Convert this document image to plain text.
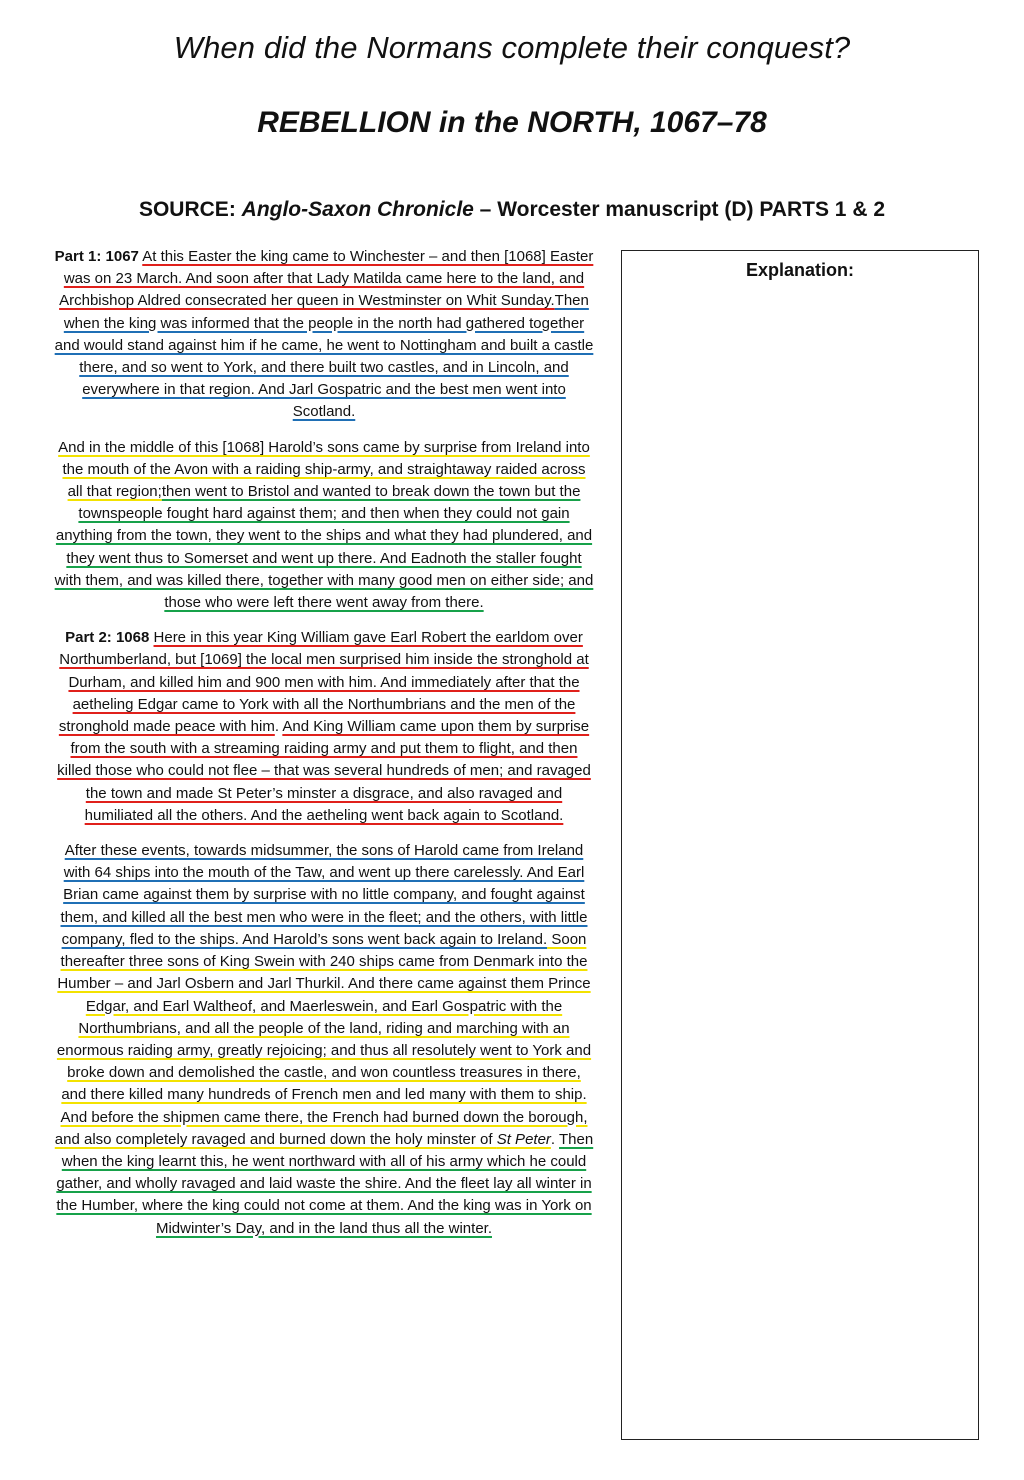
When did the Normans complete their conquest?
REBELLION in the NORTH, 1067–78
SOURCE: Anglo-Saxon Chronicle – Worcester manuscript (D) PARTS 1 & 2

Part 1: 1067 At this Easter the king came to Winchester – and then [1068] Easter was on 23 March. And soon after that Lady Matilda came here to the land, and Archbishop Aldred consecrated her queen in Westminster on Whit Sunday.Then when the king was informed that the people in the north had gathered together and would stand against him if he came, he went to Nottingham and built a castle there, and so went to York, and there built two castles, and in Lincoln, and everywhere in that region. And Jarl Gospatric and the best men went into Scotland.

And in the middle of this [1068] Harold’s sons came by surprise from Ireland into the mouth of the Avon with a raiding ship-army, and straightaway raided across all that region;then went to Bristol and wanted to break down the town but the townspeople fought hard against them; and then when they could not gain anything from the town, they went to the ships and what they had plundered, and they went thus to Somerset and went up there. And Eadnoth the staller fought with them, and was killed there, together with many good men on either side; and those who were left there went away from there.

Part 2: 1068 Here in this year King William gave Earl Robert the earldom over Northumberland, but [1069] the local men surprised him inside the stronghold at Durham, and killed him and 900 men with him. And immediately after that the aetheling Edgar came to York with all the Northumbrians and the men of the stronghold made peace with him. And King William came upon them by surprise from the south with a streaming raiding army and put them to flight, and then killed those who could not flee – that was several hundreds of men; and ravaged the town and made St Peter’s minster a disgrace, and also ravaged and humiliated all the others. And the aetheling went back again to Scotland.

After these events, towards midsummer, the sons of Harold came from Ireland with 64 ships into the mouth of the Taw, and went up there carelessly. And Earl Brian came against them by surprise with no little company, and fought against them, and killed all the best men who were in the fleet; and the others, with little company, fled to the ships. And Harold’s sons went back again to Ireland. Soon thereafter three sons of King Swein with 240 ships came from Denmark into the Humber – and Jarl Osbern and Jarl Thurkil. And there came against them Prince Edgar, and Earl Waltheof, and Maerleswein, and Earl Gospatric with the Northumbrians, and all the people of the land, riding and marching with an enormous raiding army, greatly rejoicing; and thus all resolutely went to York and broke down and demolished the castle, and won countless treasures in there, and there killed many hundreds of French men and led many with them to ship. And before the shipmen came there, the French had burned down the borough, and also completely ravaged and burned down the holy minster of St Peter. Then when the king learnt this, he went northward with all of his army which he could gather, and wholly ravaged and laid waste the shire. And the fleet lay all winter in the Humber, where the king could not come at them. And the king was in York on Midwinter’s Day, and in the land thus all the winter.

Explanation:
